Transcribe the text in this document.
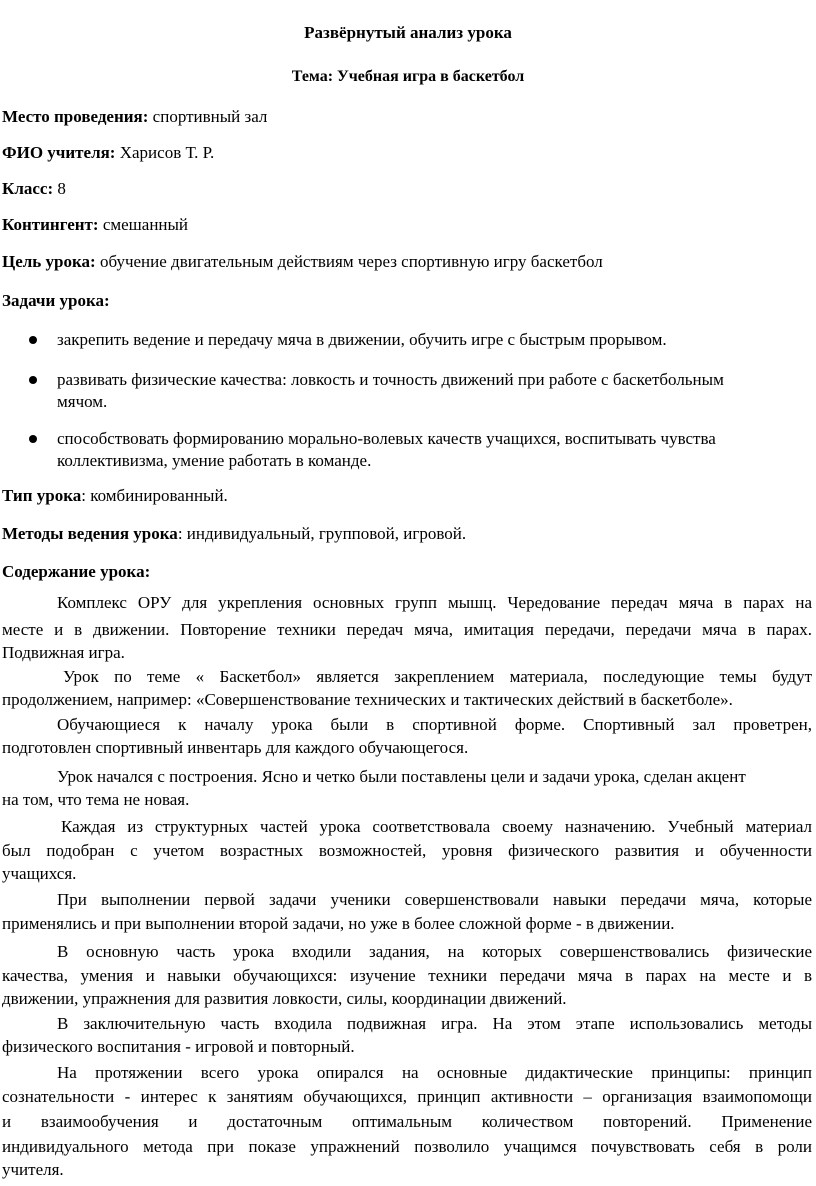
Развёрнутый анализ урока
Тема: Учебная игра в баскетбол
Место проведения: спортивный зал
ФИО учителя: Харисов Т. Р.
Класс: 8
Контингент: смешанный
Цель урока: обучение двигательным действиям через спортивную игру баскетбол
Задачи урока:
закрепить ведение и передачу мяча в движении, обучить игре с быстрым прорывом.
развивать физические качества: ловкость и точность движений при работе с баскетбольным
мячом.
способствовать формированию морально-волевых качеств учащихся, воспитывать чувства
коллективизма, умение работать в команде.
Тип урока: комбинированный.
Методы ведения урока: индивидуальный, групповой, игровой.
Содержание урока:
Комплекс ОРУ для укрепления основных групп мышц. Чередование передач мяча в парах на
месте и в движении. Повторение техники передач мяча, имитация передачи, передачи мяча в парах.
Подвижная игра.
Урок по теме « Баскетбол» является закреплением материала, последующие темы будут
продолжением, например: «Совершенствование технических и тактических действий в баскетболе».
Обучающиеся к началу урока были в спортивной форме. Спортивный зал проветрен,
подготовлен спортивный инвентарь для каждого обучающегося.
Урок начался с построения. Ясно и четко были поставлены цели и задачи урока, сделан акцент
на том, что тема не новая.
Каждая из структурных частей урока соответствовала своему назначению. Учебный материал
был подобран с учетом возрастных возможностей, уровня физического развития и обученности
учащихся.
При выполнении первой задачи ученики совершенствовали навыки передачи мяча, которые
применялись и при выполнении второй задачи, но уже в более сложной форме - в движении.
В основную часть урока входили задания, на которых совершенствовались физические
качества, умения и навыки обучающихся: изучение техники передачи мяча в парах на месте и в
движении, упражнения для развития ловкости, силы, координации движений.
В заключительную часть входила подвижная игра. На этом этапе использовались методы
физического воспитания - игровой и повторный.
На протяжении всего урока опирался на основные дидактические принципы: принцип
сознательности - интерес к занятиям обучающихся, принцип активности – организация взаимопомощи
и взаимообучения и достаточным оптимальным количеством повторений. Применение
индивидуального метода при показе упражнений позволило учащимся почувствовать себя в роли
учителя.
